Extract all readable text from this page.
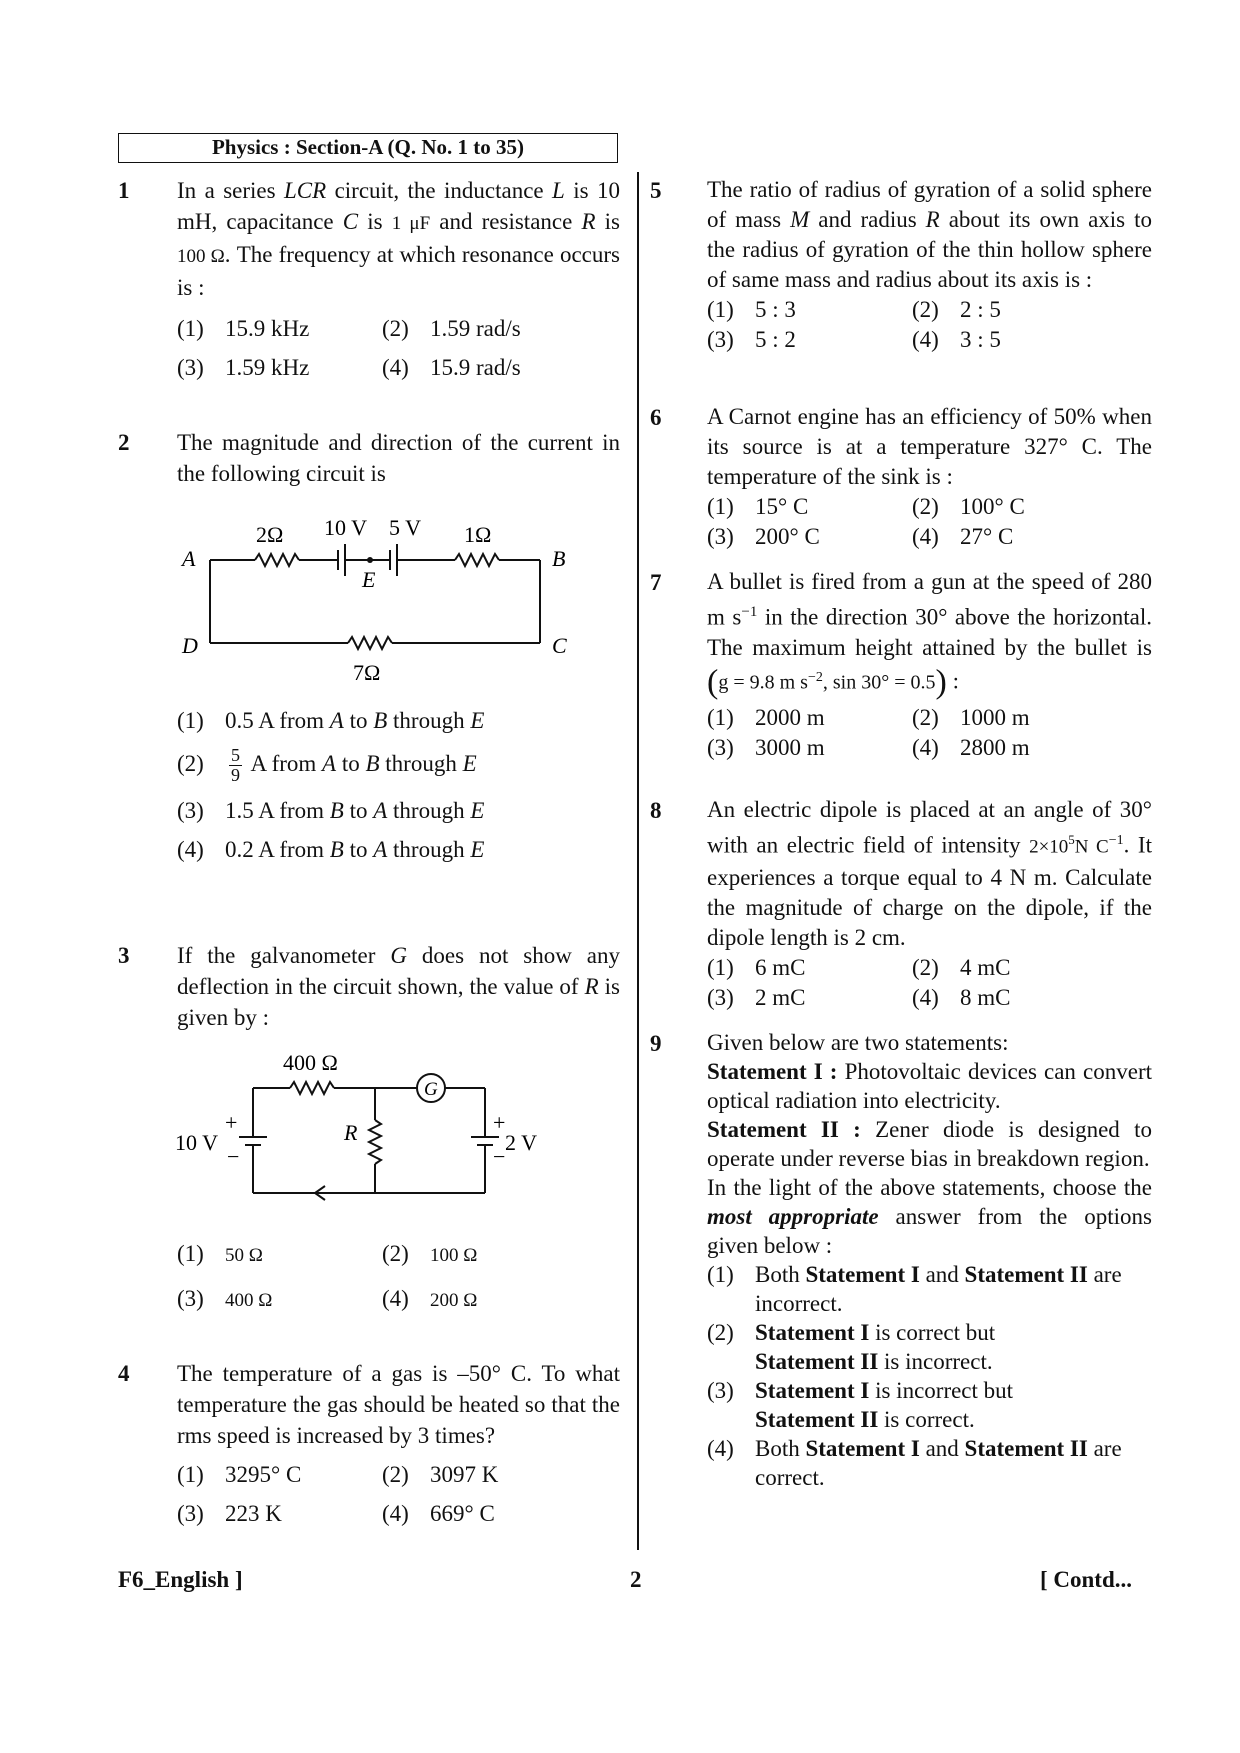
Physics : Section-A (Q. No. 1 to 35)
1 In a series LCR circuit, the inductance L is 10 mH, capacitance C is 1 μF and resistance R is 100 Ω. The frequency at which resonance occurs is :
(1) 15.9 kHz	(2) 1.59 rad/s
(3) 1.59 kHz	(4) 15.9 rad/s
2 The magnitude and direction of the current in the following circuit is
2Ω 10 V 5 V 1Ω
A	B
E
D	C
7Ω
(1) 0.5 A from A to B through E
$(2) \frac{5}{9}$ A from A to B through E
(3) 1.5 A from B to A through E
(4) 0.2 A from B to A through E
3 If the galvanometer G does not show any deflection in the circuit shown, the value of R is given by :
400 Ω
G
R
10 V
+
−
2 V
+
−
(1) 50 Ω	(2) 100 Ω
(3) 400 Ω	(4) 200 Ω
4 The temperature of a gas is –50° C. To what temperature the gas should be heated so that the rms speed is increased by 3 times?
(1) 3295° C	(2) 3097 K
(3) 223 K	(4) 669° C
5 The ratio of radius of gyration of a solid sphere of mass M and radius R about its own axis to the radius of gyration of the thin hollow sphere of same mass and radius about its axis is :
(1) 5 : 3	(2) 2 : 5
(3) 5 : 2	(4) 3 : 5
6 A Carnot engine has an efficiency of 50% when its source is at a temperature 327° C. The temperature of the sink is :
(1) 15° C	(2) 100° C
(3) 200° C	(4) 27° C
7 A bullet is fired from a gun at the speed of 280 m $s^{-1}$ in the direction 30° above the horizontal. The maximum height attained by the bullet is (g = 9.8 m $s^{-2}$, sin 30° = 0.5) :
(1) 2000 m	(2) 1000 m
(3) 3000 m	(4) 2800 m
8 An electric dipole is placed at an angle of 30° with an electric field of intensity $2\times 10^5N$ $C^{-1}$. It experiences a torque equal to 4 N m. Calculate the magnitude of charge on the dipole, if the dipole length is 2 cm.
(1) 6 mC	(2) 4 mC
(3) 2 mC	(4) 8 mC
9 Given below are two statements:
Statement I : Photovoltaic devices can convert optical radiation into electricity.
Statement II : Zener diode is designed to operate under reverse bias in breakdown region.
In the light of the above statements, choose the most appropriate answer from the options given below :
(1) Both Statement I and Statement II are incorrect.
(2) Statement I is correct but Statement II is incorrect.
(3) Statement I is incorrect but Statement II is correct.
(4) Both Statement I and Statement II are correct.
F6_English ]	2	[ Contd...
